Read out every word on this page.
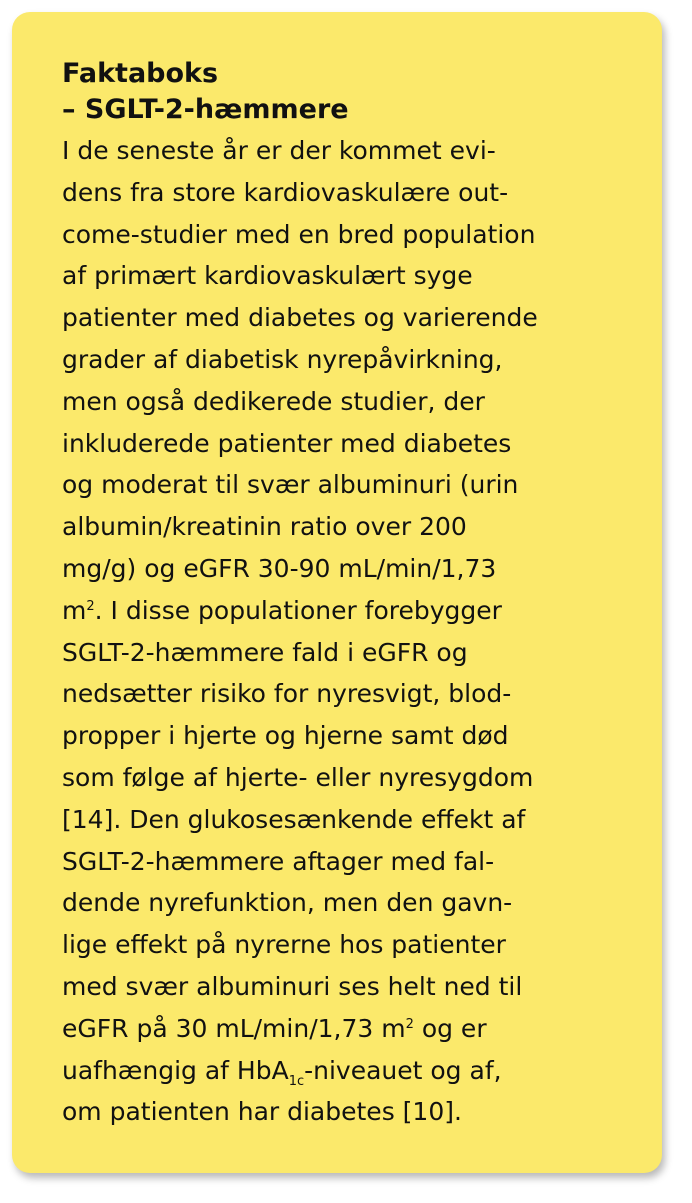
Faktaboks
– SGLT-2-hæmmere
I de seneste år er der kommet evi-
dens fra store kardiovaskulære out-
come-studier med en bred population
af primært kardiovaskulært syge
patienter med diabetes og varierende
grader af diabetisk nyrepåvirkning,
men også dedikerede studier, der
inkluderede patienter med diabetes
og moderat til svær albuminuri (urin
albumin/kreatinin ratio over 200
mg/g) og eGFR 30-90 mL/min/1,73
$m^2$. I disse populationer forebygger
SGLT-2-hæmmere fald i eGFR og
nedsætter risiko for nyresvigt, blod-
propper i hjerte og hjerne samt død
som følge af hjerte- eller nyresygdom
[14]. Den glukosesænkende effekt af
SGLT-2-hæmmere aftager med fal-
dende nyrefunktion, men den gavn-
lige effekt på nyrerne hos patienter
med svær albuminuri ses helt ned til
eGFR på 30 mL/min/1,73 $m^2$ og er
uafhængig af HbA$_{1c}$-niveauet og af,
om patienten har diabetes [10].
